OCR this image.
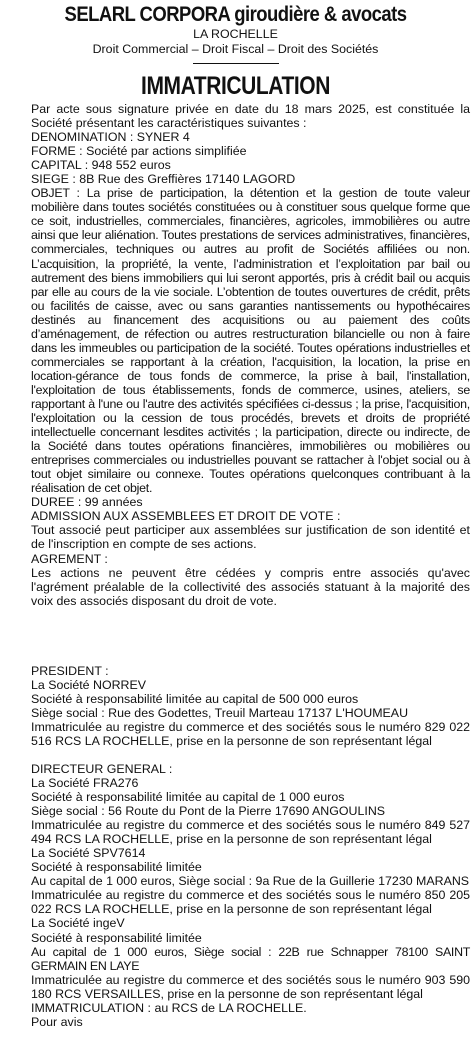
SELARL CORPORA giroudière & avocats
LA ROCHELLE
Droit Commercial – Droit Fiscal – Droit des Sociétés
IMMATRICULATION

Par acte sous signature privée en date du 18 mars 2025, est constituée la Société présentant les caractéristiques suivantes :

DENOMINATION : SYNER 4

FORME : Société par actions simplifiée

CAPITAL : 948 552 euros

SIEGE : 8B Rue des Greffières 17140 LAGORD

OBJET : La prise de participation, la détention et la gestion de toute valeur mobilière dans toutes sociétés constituées ou à constituer sous quelque forme que ce soit, industrielles, commerciales, financières, agricoles, immobilières ou autre ainsi que leur aliénation. Toutes prestations de services administratives, financières, commerciales, techniques ou autres au profit de Sociétés affiliées ou non. L’acquisition, la propriété, la vente, l’administration et l’exploitation par bail ou autrement des biens immobiliers qui lui seront apportés, pris à crédit bail ou acquis par elle au cours de la vie sociale. L’obtention de toutes ouvertures de crédit, prêts ou facilités de caisse, avec ou sans garanties nantissements ou hypothécaires destinés au financement des acquisitions ou au paiement des coûts d’aménagement, de réfection ou autres restructuration bilancielle ou non à faire dans les immeubles ou participation de la société. Toutes opérations industrielles et commerciales se rapportant à la création, l'acquisition, la location, la prise en location-gérance de tous fonds de commerce, la prise à bail, l'installation, l'exploitation de tous établissements, fonds de commerce, usines, ateliers, se rapportant à l'une ou l'autre des activités spécifiées ci-dessus ; la prise, l'acquisition, l'exploitation ou la cession de tous procédés, brevets et droits de propriété intellectuelle concernant lesdites activités ; la participation, directe ou indirecte, de la Société dans toutes opérations financières, immobilières ou mobilières ou entreprises commerciales ou industrielles pouvant se rattacher à l'objet social ou à tout objet similaire ou connexe. Toutes opérations quelconques contribuant à la réalisation de cet objet.

DUREE : 99 années

ADMISSION AUX ASSEMBLEES ET DROIT DE VOTE :

Tout associé peut participer aux assemblées sur justification de son identité et de l'inscription en compte de ses actions.

AGREMENT :

Les actions ne peuvent être cédées y compris entre associés qu'avec l'agrément préalable de la collectivité des associés statuant à la majorité des voix des associés disposant du droit de vote.

PRESIDENT :

La Société NORREV

Société à responsabilité limitée au capital de 500 000 euros

Siège social : Rue des Godettes, Treuil Marteau 17137 L'HOUMEAU

Immatriculée au registre du commerce et des sociétés sous le numéro 829 022 516 RCS LA ROCHELLE, prise en la personne de son représentant légal

DIRECTEUR GENERAL :

La Société FRA276

Société à responsabilité limitée au capital de 1 000 euros

Siège social : 56 Route du Pont de la Pierre 17690 ANGOULINS

Immatriculée au registre du commerce et des sociétés sous le numéro 849 527 494 RCS LA ROCHELLE, prise en la personne de son représentant légal

La Société SPV7614

Société à responsabilité limitée

Au capital de 1 000 euros, Siège social : 9a Rue de la Guillerie 17230 MARANS

Immatriculée au registre du commerce et des sociétés sous le numéro 850 205 022 RCS LA ROCHELLE, prise en la personne de son représentant légal

La Société ingeV

Société à responsabilité limitée

Au capital de 1 000 euros, Siège social : 22B rue Schnapper 78100 SAINT GERMAIN EN LAYE

Immatriculée au registre du commerce et des sociétés sous le numéro 903 590 180 RCS VERSAILLES, prise en la personne de son représentant légal

IMMATRICULATION : au RCS de LA ROCHELLE.

Pour avis
